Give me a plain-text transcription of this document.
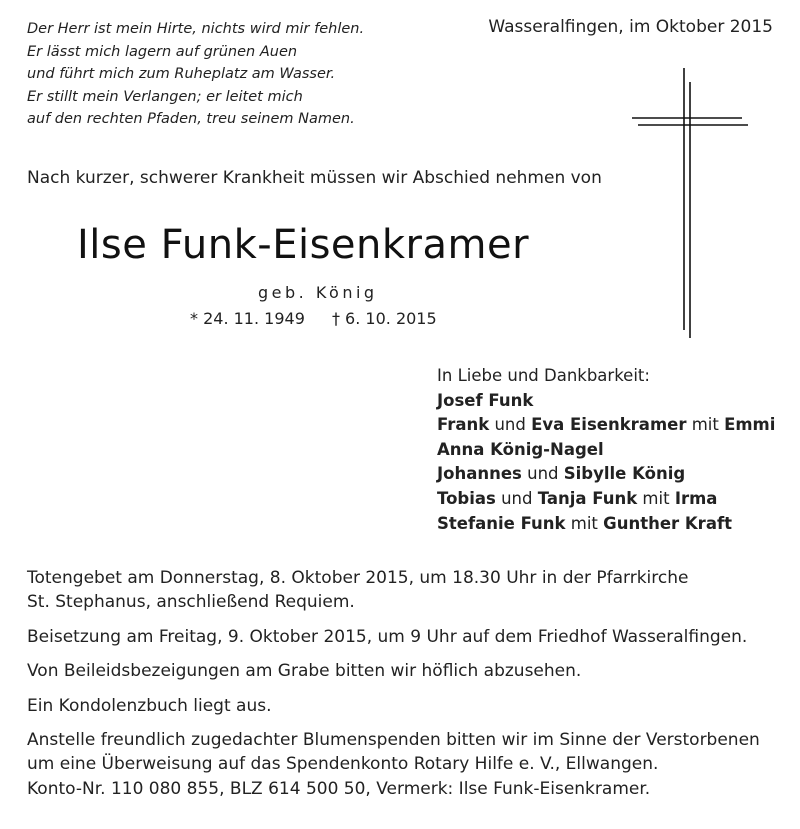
Der Herr ist mein Hirte, nichts wird mir fehlen.
Er lässt mich lagern auf grünen Auen
und führt mich zum Ruheplatz am Wasser.
Er stillt mein Verlangen; er leitet mich
auf den rechten Pfaden, treu seinem Namen.
Wasseralfingen, im Oktober 2015
Nach kurzer, schwerer Krankheit müssen wir Abschied nehmen von
Ilse Funk-Eisenkramer
geb. König
* 24. 11. 1949 † 6. 10. 2015
In Liebe und Dankbarkeit:
Josef Funk
Frank und Eva Eisenkramer mit Emmi
Anna König-Nagel
Johannes und Sibylle König
Tobias und Tanja Funk mit Irma
Stefanie Funk mit Gunther Kraft

Totengebet am Donnerstag, 8. Oktober 2015, um 18.30 Uhr in der Pfarrkirche
St. Stephanus, anschließend Requiem.

Beisetzung am Freitag, 9. Oktober 2015, um 9 Uhr auf dem Friedhof Wasseralfingen.

Von Beileidsbezeigungen am Grabe bitten wir höflich abzusehen.

Ein Kondolenzbuch liegt aus.

Anstelle freundlich zugedachter Blumenspenden bitten wir im Sinne der Verstorbenen
um eine Überweisung auf das Spendenkonto Rotary Hilfe e. V., Ellwangen.
Konto-Nr. 110 080 855, BLZ 614 500 50, Vermerk: Ilse Funk-Eisenkramer.
